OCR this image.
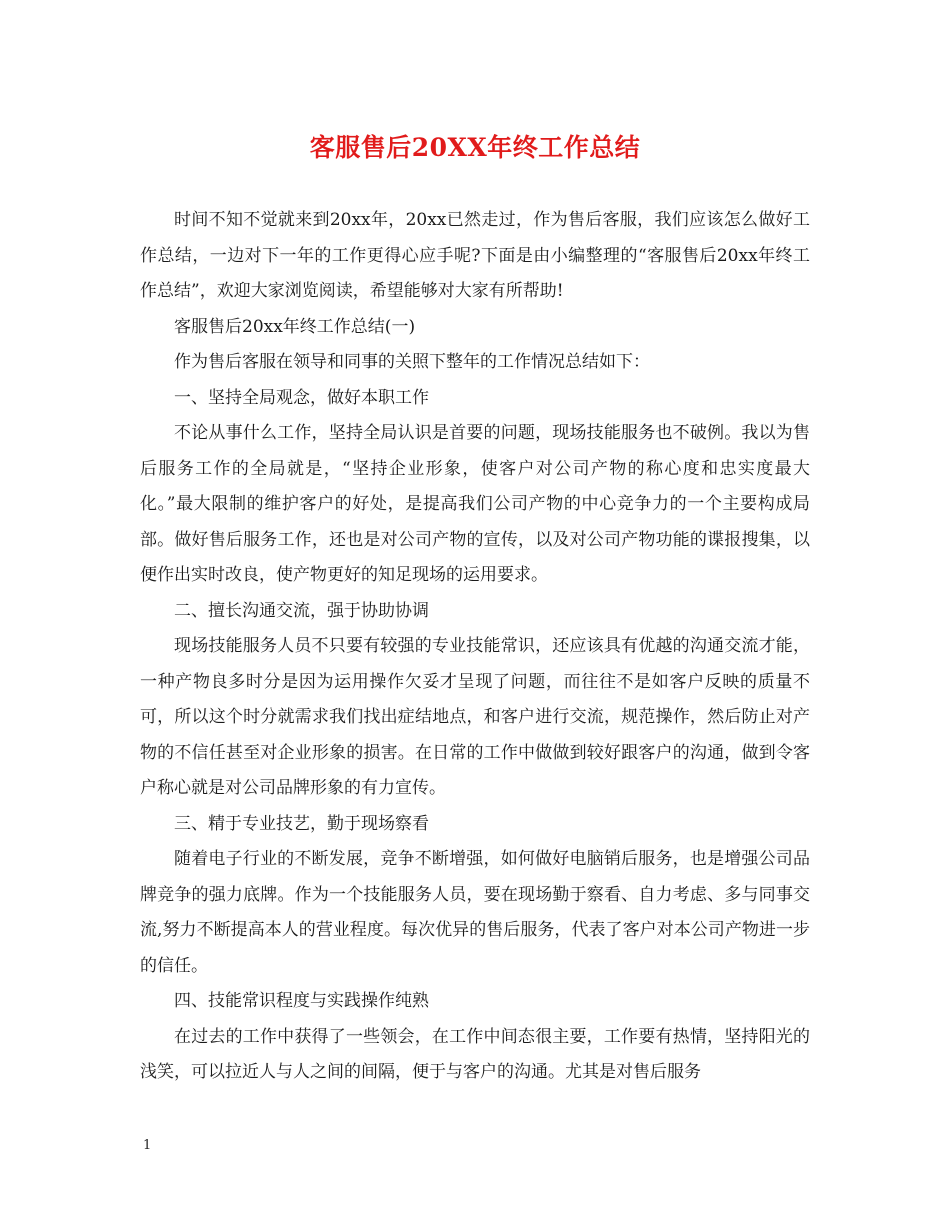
客服售后20XX年终工作总结

时间不知不觉就来到20xx年，20xx已然走过，作为售后客服，我们应该怎么做好工作总结，一边对下一年的工作更得心应手呢?下面是由小编整理的“客服售后20xx年终工作总结”，欢迎大家浏览阅读，希望能够对大家有所帮助!

客服售后20xx年终工作总结(一)

作为售后客服在领导和同事的关照下整年的工作情况总结如下：

一、坚持全局观念，做好本职工作

不论从事什么工作，坚持全局认识是首要的问题，现场技能服务也不破例。我以为售后服务工作的全局就是，“坚持企业形象，使客户对公司产物的称心度和忠实度最大化。”最大限制的维护客户的好处，是提高我们公司产物的中心竞争力的一个主要构成局部。做好售后服务工作，还也是对公司产物的宣传，以及对公司产物功能的谍报搜集，以便作出实时改良，使产物更好的知足现场的运用要求。

二、擅长沟通交流，强于协助协调

现场技能服务人员不只要有较强的专业技能常识，还应该具有优越的沟通交流才能，一种产物良多时分是因为运用操作欠妥才呈现了问题，而往往不是如客户反映的质量不可，所以这个时分就需求我们找出症结地点，和客户进行交流，规范操作，然后防止对产物的不信任甚至对企业形象的损害。在日常的工作中做做到较好跟客户的沟通，做到令客户称心就是对公司品牌形象的有力宣传。

三、精于专业技艺，勤于现场察看

随着电子行业的不断发展，竞争不断增强，如何做好电脑销后服务，也是增强公司品牌竞争的强力底牌。作为一个技能服务人员，要在现场勤于察看、自力考虑、多与同事交流,努力不断提高本人的营业程度。每次优异的售后服务，代表了客户对本公司产物进一步的信任。

四、技能常识程度与实践操作纯熟

在过去的工作中获得了一些领会，在工作中间态很主要，工作要有热情，坚持阳光的浅笑，可以拉近人与人之间的间隔，便于与客户的沟通。尤其是对售后服务

1
